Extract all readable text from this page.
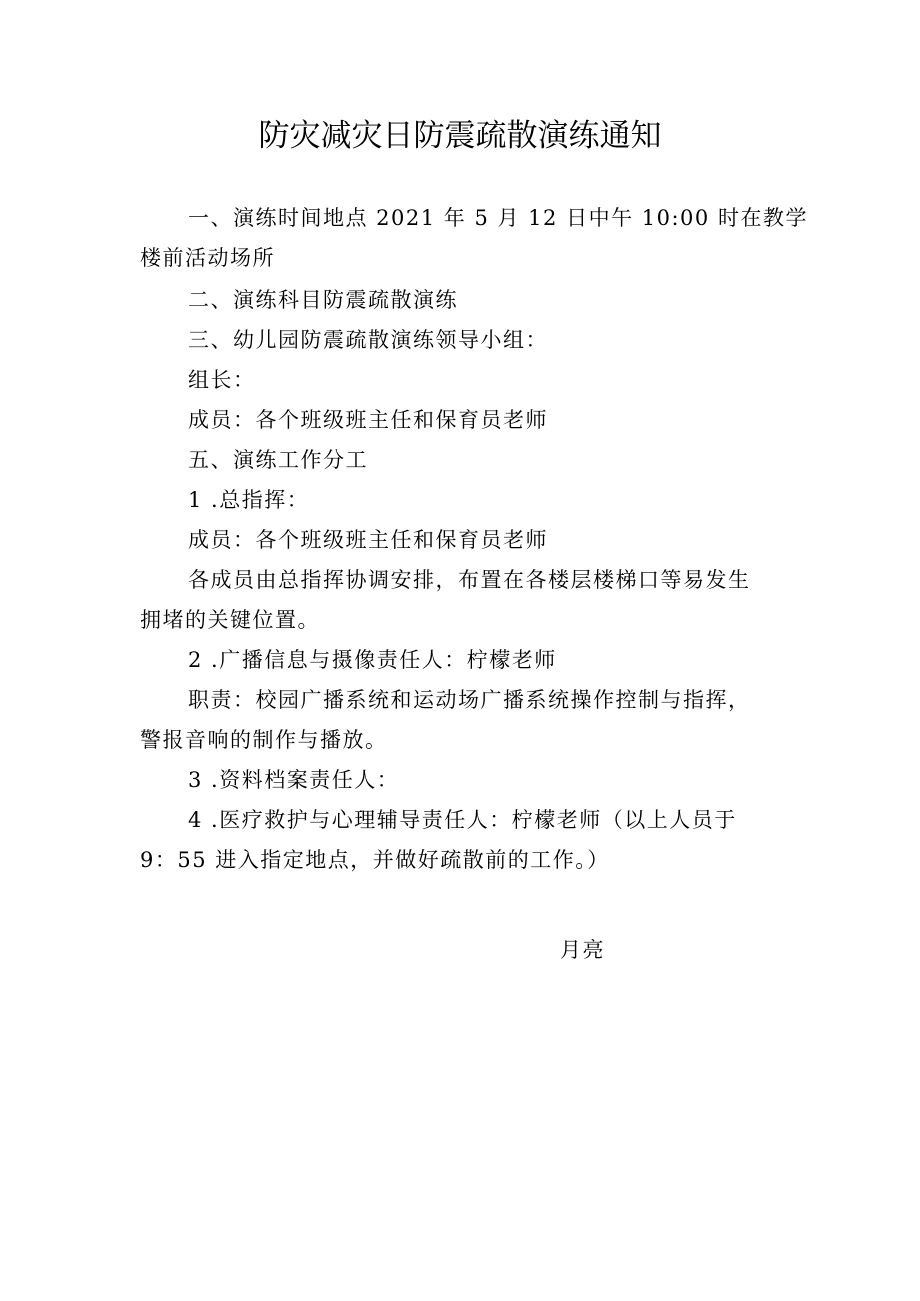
防灾减灾日防震疏散演练通知
一、演练时间地点 2021 年 5 月 12 日中午 10:00 时在教学
楼前活动场所
二、演练科目防震疏散演练
三、幼儿园防震疏散演练领导小组：
组长：
成员：各个班级班主任和保育员老师
五、演练工作分工
1 .总指挥：
成员：各个班级班主任和保育员老师
各成员由总指挥协调安排，布置在各楼层楼梯口等易发生
拥堵的关键位置。
2 .广播信息与摄像责任人：柠檬老师
职责：校园广播系统和运动场广播系统操作控制与指挥，
警报音响的制作与播放。
3 .资料档案责任人：
4 .医疗救护与心理辅导责任人：柠檬老师（以上人员于
9：55 进入指定地点，并做好疏散前的工作。）
月亮
